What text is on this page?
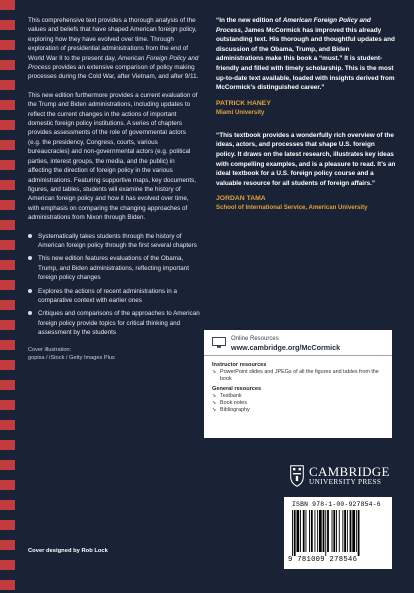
This comprehensive text provides a thorough analysis of the values and beliefs that have shaped American foreign policy, exploring how they have evolved over time. Through exploration of presidential administrations from the end of World War II to the present day, American Foreign Policy and Process provides an extensive comparison of policy making processes during the Cold War, after Vietnam, and after 9/11.

This new edition furthermore provides a current evaluation of the Trump and Biden administrations, including updates to reflect the current changes in the actions of important domestic foreign policy institutions. A series of chapters provides assessments of the role of governmental actors (e.g. the presidency, Congress, courts, various bureaucracies) and non-governmental actors (e.g. political parties, interest groups, the media, and the public) in affecting the direction of foreign policy in the various administrations. Featuring supportive maps, key documents, figures, and tables, students will examine the history of American foreign policy and how it has evolved over time, with emphasis on comparing the changing approaches of administrations from Nixon through Biden.

Systematically takes students through the history of American foreign policy through the first several chapters
This new edition features evaluations of the Obama, Trump, and Biden administrations, reflecting important foreign policy changes
Explores the actions of recent administrations in a comparative context with earlier ones
Critiques and comparisons of the approaches to American foreign policy provide topics for critical thinking and assessment by the students
Cover illustration:
gopixa / iStock / Getty Images Plus
Cover designed by Rob Lock

“In the new edition of American Foreign Policy and Process, James McCormick has improved this already outstanding text. His thorough and thoughtful updates and discussion of the Obama, Trump, and Biden administrations make this book a “must.” It is student-friendly and filled with timely scholarship. This is the most up-to-date text available, loaded with insights derived from McCormick’s distinguished career.”

PATRICK HANEY
Miami University

“This textbook provides a wonderfully rich overview of the ideas, actors, and processes that shape U.S. foreign policy. It draws on the latest research, illustrates key ideas with compelling examples, and is a pleasure to read. It’s an ideal textbook for a U.S. foreign policy course and a valuable resource for all students of foreign affairs.”

JORDAN TAMA
School of International Service, American University
Online Resources
www.cambridge.org/McCormick
Instructor resources
➘ PowerPoint slides and JPEGs of all the figures and tables from the book
General resources
➘ Testbank
➘ Book notes
➘ Bibliography
CAMBRIDGE
UNIVERSITY PRESS
ISBN 978-1-00-927854-6
9 781009 278546
